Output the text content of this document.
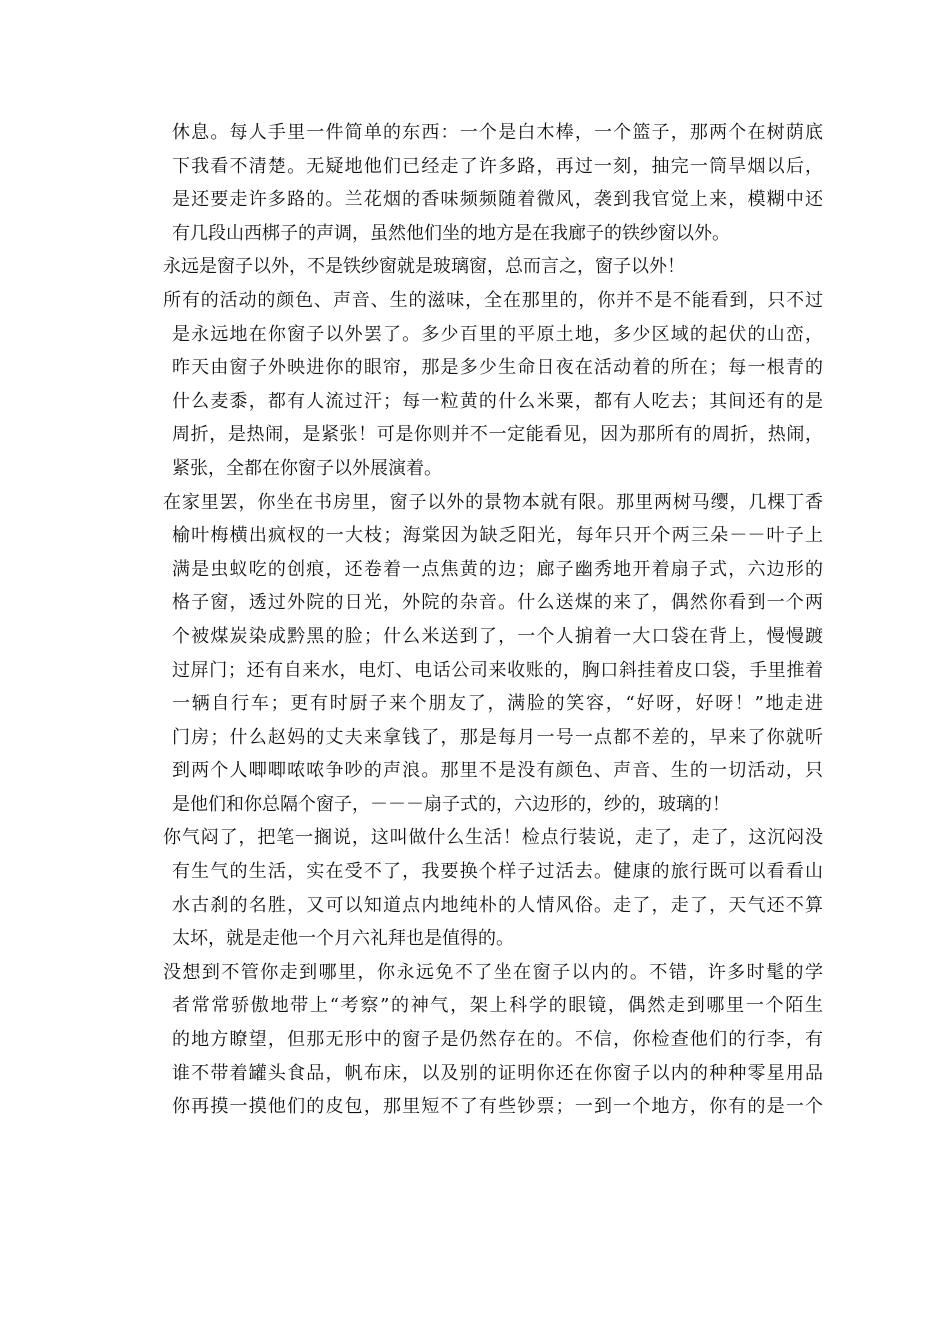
休息。每人手里一件简单的东西：一个是白木棒，一个篮子，那两个在树荫底
下我看不清楚。无疑地他们已经走了许多路，再过一刻，抽完一筒旱烟以后，
是还要走许多路的。兰花烟的香味频频随着微风，袭到我官觉上来，模糊中还
有几段山西梆子的声调，虽然他们坐的地方是在我廊子的铁纱窗以外。
永远是窗子以外，不是铁纱窗就是玻璃窗，总而言之，窗子以外！
所有的活动的颜色、声音、生的滋味，全在那里的，你并不是不能看到，只不过
是永远地在你窗子以外罢了。多少百里的平原土地，多少区域的起伏的山峦，
昨天由窗子外映进你的眼帘，那是多少生命日夜在活动着的所在；每一根青的
什么麦黍，都有人流过汗；每一粒黄的什么米粟，都有人吃去；其间还有的是
周折，是热闹，是紧张！可是你则并不一定能看见，因为那所有的周折，热闹，
紧张，全都在你窗子以外展演着。
在家里罢，你坐在书房里，窗子以外的景物本就有限。那里两树马缨，几棵丁香
榆叶梅横出疯杈的一大枝；海棠因为缺乏阳光，每年只开个两三朵－－叶子上
满是虫蚁吃的创痕，还卷着一点焦黄的边；廊子幽秀地开着扇子式，六边形的
格子窗，透过外院的日光，外院的杂音。什么送煤的来了，偶然你看到一个两
个被煤炭染成黔黑的脸；什么米送到了，一个人掮着一大口袋在背上，慢慢踱
过屏门；还有自来水，电灯、电话公司来收账的，胸口斜挂着皮口袋，手里推着
一辆自行车；更有时厨子来个朋友了，满脸的笑容，“好呀，好呀！”地走进
门房；什么赵妈的丈夫来拿钱了，那是每月一号一点都不差的，早来了你就听
到两个人唧唧哝哝争吵的声浪。那里不是没有颜色、声音、生的一切活动，只
是他们和你总隔个窗子，－－－扇子式的，六边形的，纱的，玻璃的！
你气闷了，把笔一搁说，这叫做什么生活！检点行装说，走了，走了，这沉闷没
有生气的生活，实在受不了，我要换个样子过活去。健康的旅行既可以看看山
水古刹的名胜，又可以知道点内地纯朴的人情风俗。走了，走了，天气还不算
太坏，就是走他一个月六礼拜也是值得的。
没想到不管你走到哪里，你永远免不了坐在窗子以内的。不错，许多时髦的学
者常常骄傲地带上“考察”的神气，架上科学的眼镜，偶然走到哪里一个陌生
的地方瞭望，但那无形中的窗子是仍然存在的。不信，你检查他们的行李，有
谁不带着罐头食品，帆布床，以及别的证明你还在你窗子以内的种种零星用品
你再摸一摸他们的皮包，那里短不了有些钞票；一到一个地方，你有的是一个
